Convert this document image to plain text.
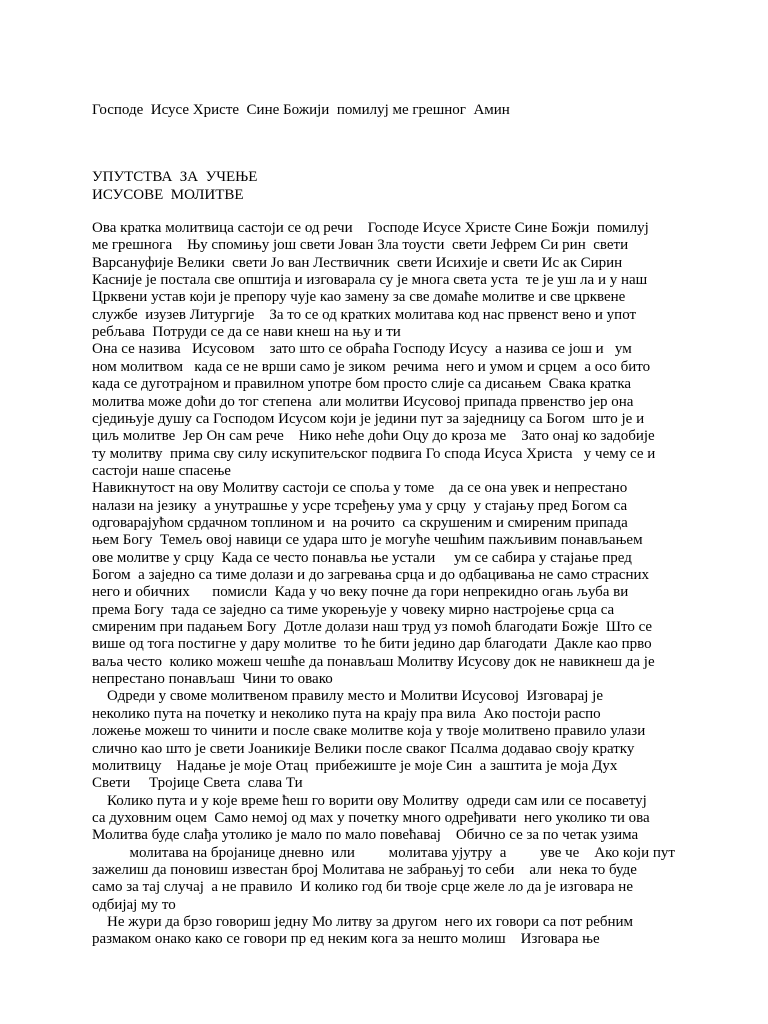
Господе  Исусе Христе  Сине Божији  помилуј ме грешног  Амин
УПУТСТВА  ЗА  УЧЕЊЕ
ИСУСОВЕ  МОЛИТВЕ
Ова кратка молитвица састоји се од речи    Господе Исусе Христе Сине Божји  помилуј
ме грешнога    Њу спомињу још свети Јован Зла тоусти  свети Јефрем Си рин  свети
Варсануфије Велики  свети Јо ван Лествичник  свети Исихије и свети Ис ак Сирин
Касније је постала све општија и изговарала су је многа света уста  те је уш ла и у наш
Црквени устав који је препору чује као замену за све домаће молитве и све црквене
службе  изузев Литургије    За то се од кратких молитава код нас првенст вено и упот
ребљава  Потруди се да се нави кнеш на њу и ти
Она се назива   Исусовом    зато што се обраћа Господу Исусу  а назива се још и   ум
ном молитвом   када се не врши само је зиком  речима  него и умом и срцем  а осо бито
када се дуготрајном и правилном употре бом просто слије са дисањем  Свака кратка
молитва може доћи до тог степена  али молитви Исусовој припада првенство јер она
сједињује душу са Господом Исусом који је једини пут за заједницу са Богом  што је и
циљ молитве  Јер Он сам рече    Нико неће доћи Оцу до кроза ме    Зато онај ко задобије
ту молитву  прима сву силу искупитељског подвига Го спода Исуса Христа   у чему се и
састоји наше спасење
Навикнутост на ову Молитву састоји се споља у томе    да се она увек и непрестано
налази на језику  а унутрашње у усре тсређењу ума у срцу  у стајању пред Богом са
одговарајућом срдачном топлином и  на рочито  са скрушеним и смиреним припада
њем Богу  Темељ овој навици се удара што је могуће чешћим пажљивим понављањем
ове молитве у срцу  Када се често понавља ње устали     ум се сабира у стајање пред
Богом  а заједно са тиме долази и до загревања срца и до одбацивања не само страсних
него и обичних      помисли  Када у чо веку почне да гори непрекидно огањ љуба ви
према Богу  тада се заједно са тиме укорењује у човеку мирно настројење срца са
смиреним при падањем Богу  Дотле долази наш труд уз помоћ благодати Божје  Што се
више од тога постигне у дару молитве  то ће бити једино дар благодати  Дакле као прво
ваља често  колико можеш чешће да понављаш Молитву Исусову док не навикнеш да је
непрестано понављаш  Чини то овако
Одреди у своме молитвеном правилу место и Молитви Исусовој  Изговарај је
неколико пута на почетку и неколико пута на крају пра вила  Ако постоји распо
ложење можеш то чинити и после сваке молитве која у твоје молитвено правило улази
слично као што је свети Јоаникије Велики после сваког Псалма додавао своју кратку
молитвицу    Надање је моје Отац  прибежиште је моје Син  а заштита је моја Дух
Свети     Тројице Света  слава Ти
Колико пута и у које време ћеш го ворити ову Молитву  одреди сам или се посаветуј
са духовним оцем  Само немој од мах у почетку много одређивати  него уколико ти ова
Молитва буде слађа утолико је мало по мало повећавај    Обично се за по четак узима
молитава на бројанице дневно  или         молитава ујутру  а         уве че    Ако који пут
зажелиш да поновиш известан број Молитава не забрањуј то себи    али  нека то буде
само за тај случај  а не правило  И колико год би твоје срце желе ло да је изговара не
одбијај му то
Не жури да брзо говориш једну Мо литву за другом  него их говори са пот ребним
размаком онако како се говори пр ед неким кога за нешто молиш    Изговара ње
